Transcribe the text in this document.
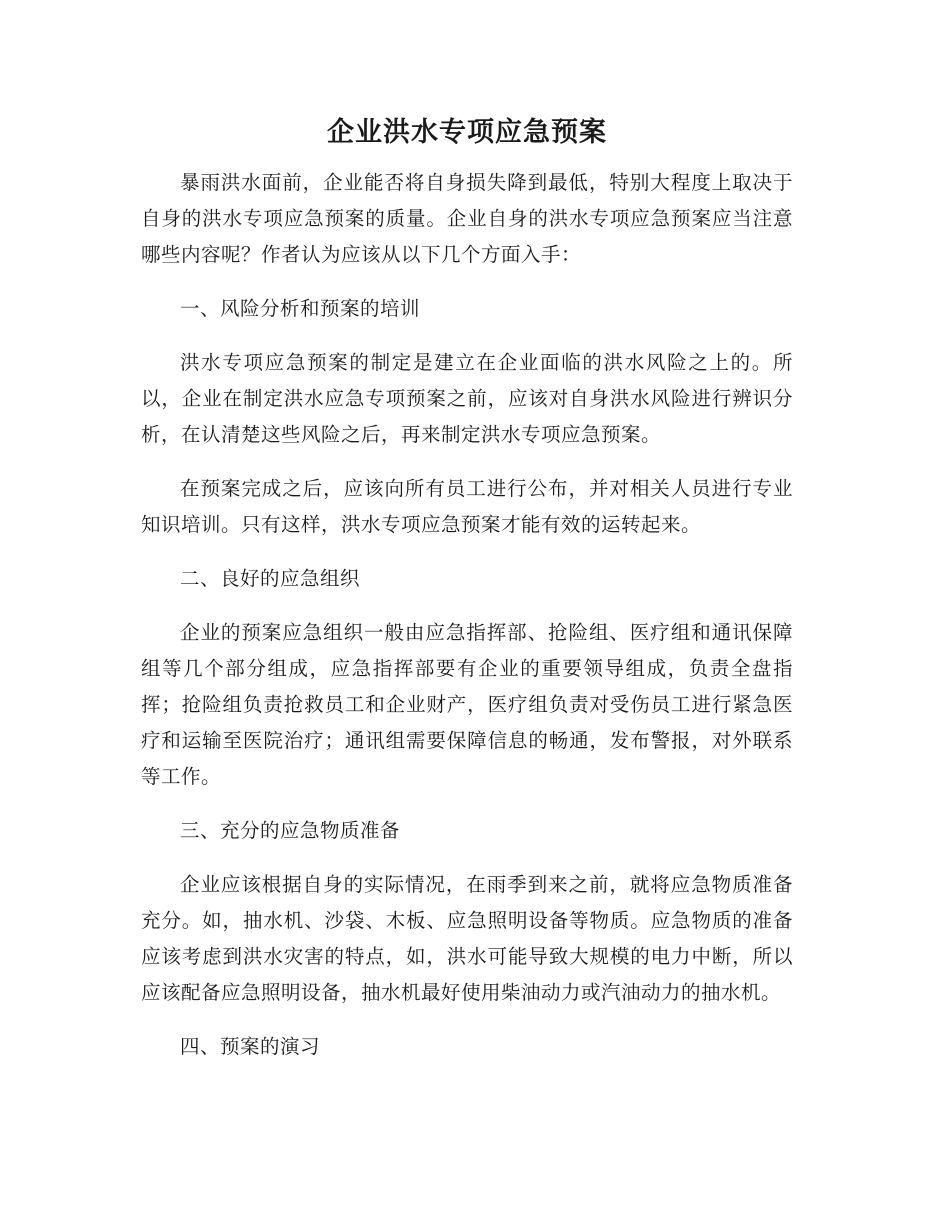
企业洪水专项应急预案

暴雨洪水面前，企业能否将自身损失降到最低，特别大程度上取决于自身的洪水专项应急预案的质量。企业自身的洪水专项应急预案应当注意哪些内容呢？作者认为应该从以下几个方面入手：

一、风险分析和预案的培训

洪水专项应急预案的制定是建立在企业面临的洪水风险之上的。所以，企业在制定洪水应急专项预案之前，应该对自身洪水风险进行辨识分析，在认清楚这些风险之后，再来制定洪水专项应急预案。

在预案完成之后，应该向所有员工进行公布，并对相关人员进行专业知识培训。只有这样，洪水专项应急预案才能有效的运转起来。

二、良好的应急组织

企业的预案应急组织一般由应急指挥部、抢险组、医疗组和通讯保障组等几个部分组成，应急指挥部要有企业的重要领导组成，负责全盘指挥；抢险组负责抢救员工和企业财产，医疗组负责对受伤员工进行紧急医疗和运输至医院治疗；通讯组需要保障信息的畅通，发布警报，对外联系等工作。

三、充分的应急物质准备

企业应该根据自身的实际情况，在雨季到来之前，就将应急物质准备充分。如，抽水机、沙袋、木板、应急照明设备等物质。应急物质的准备应该考虑到洪水灾害的特点，如，洪水可能导致大规模的电力中断，所以应该配备应急照明设备，抽水机最好使用柴油动力或汽油动力的抽水机。

四、预案的演习
